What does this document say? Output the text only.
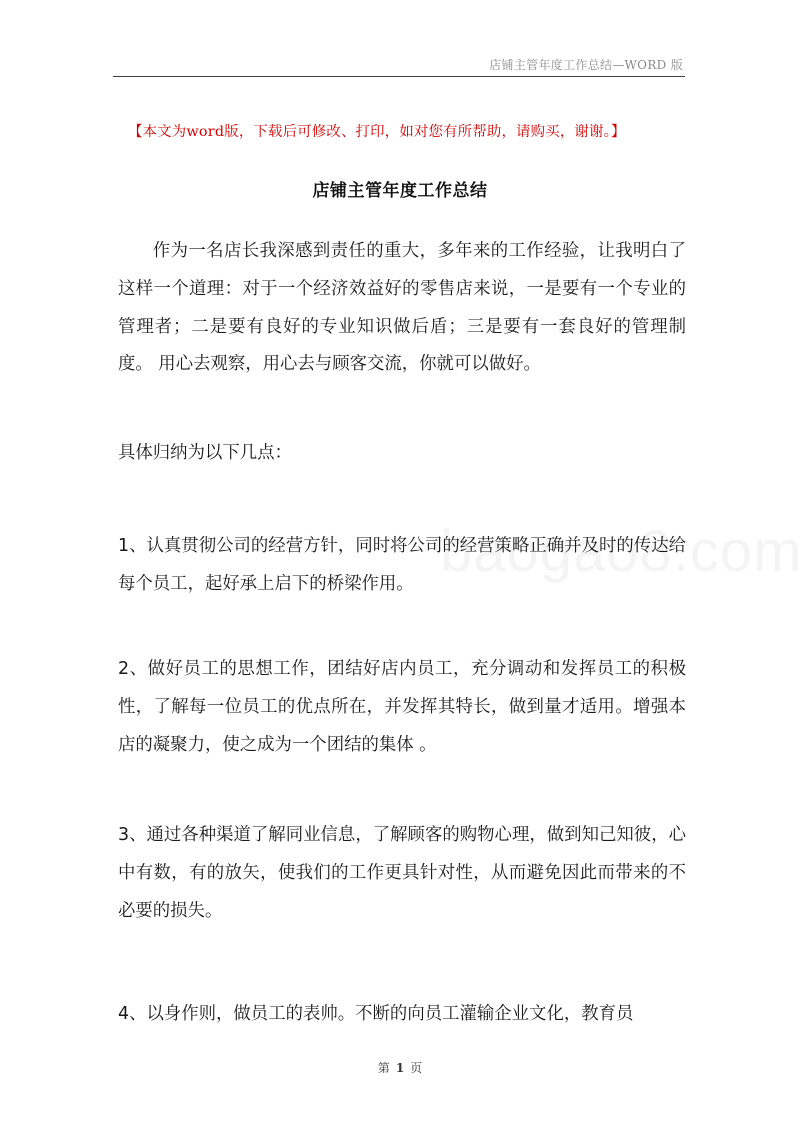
店铺主管年度工作总结—WORD 版
【本文为word版，下载后可修改、打印，如对您有所帮助，请购买，谢谢。】
店铺主管年度工作总结

作为一名店长我深感到责任的重大，多年来的工作经验，让我明白了这样一个道理：对于一个经济效益好的零售店来说，一是要有一个专业的管理者；二是要有良好的专业知识做后盾；三是要有一套良好的管理制度。 用心去观察，用心去与顾客交流，你就可以做好。

具体归纳为以下几点：

1、认真贯彻公司的经营方针，同时将公司的经营策略正确并及时的传达给每个员工，起好承上启下的桥梁作用。

2、做好员工的思想工作，团结好店内员工，充分调动和发挥员工的积极性，了解每一位员工的优点所在，并发挥其特长，做到量才适用。增强本店的凝聚力，使之成为一个团结的集体 。

3、通过各种渠道了解同业信息，了解顾客的购物心理，做到知己知彼，心中有数，有的放矢，使我们的工作更具针对性，从而避免因此而带来的不必要的损失。

4、以身作则，做员工的表帅。不断的向员工灌输企业文化，教育员

第 1 页
